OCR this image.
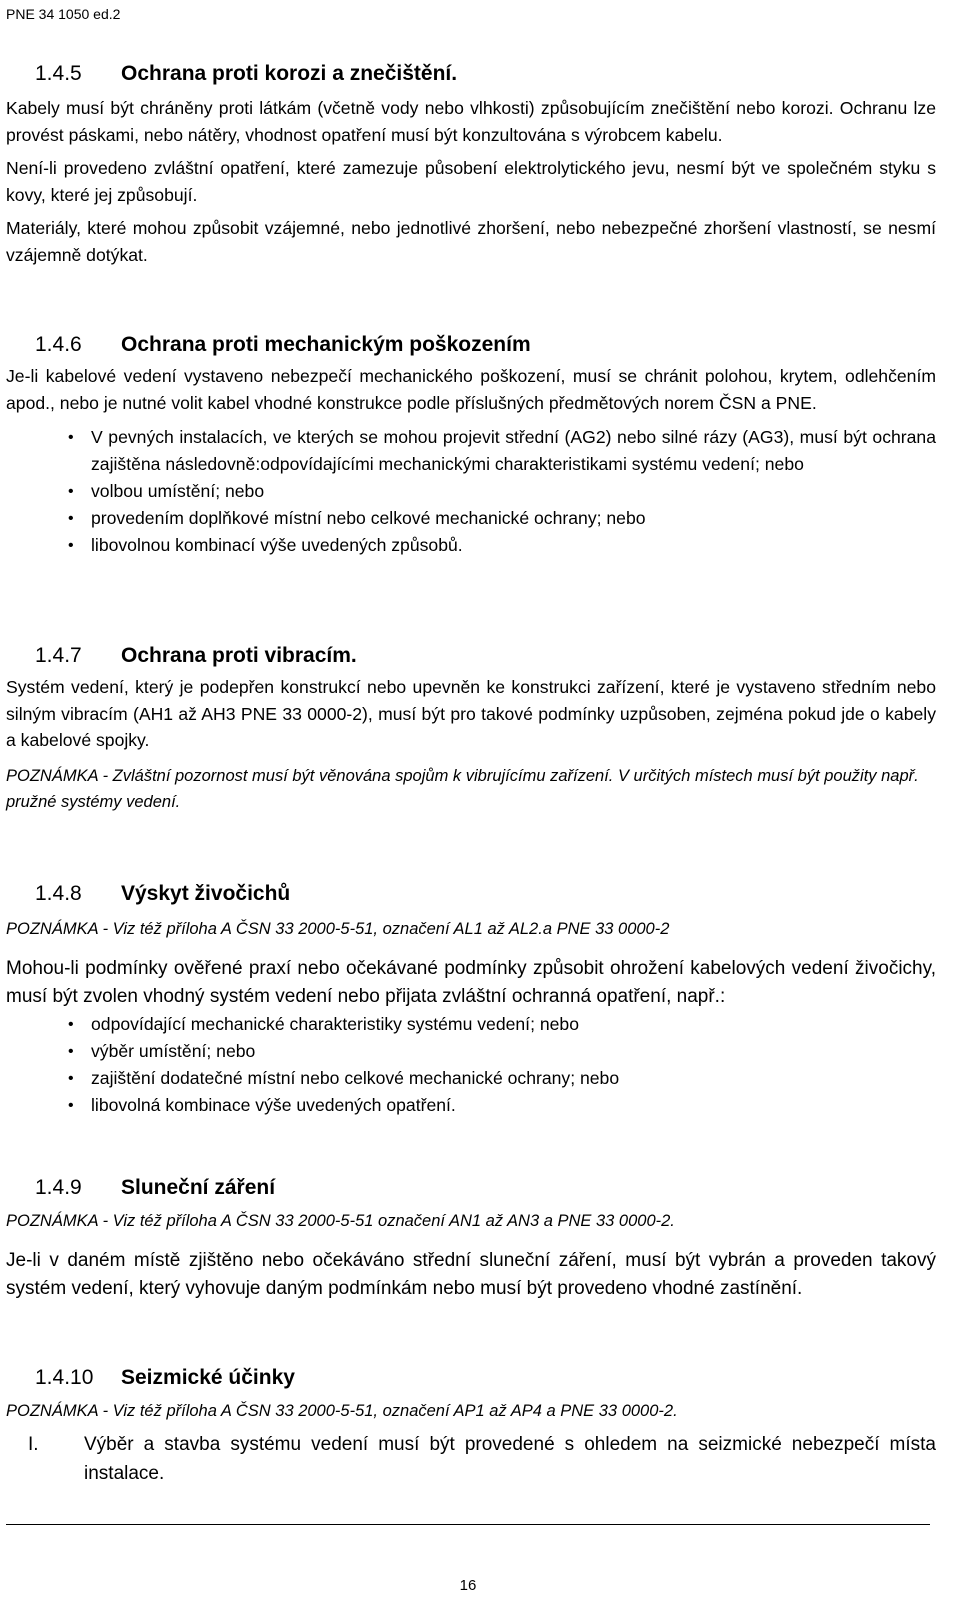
PNE 34 1050 ed.2
1.4.5 Ochrana proti korozi a znečištění.

Kabely musí být chráněny proti látkám (včetně vody nebo vlhkosti) způsobujícím znečištění nebo korozi. Ochranu lze provést páskami, nebo nátěry, vhodnost opatření musí být konzultována s výrobcem kabelu.

Není-li provedeno zvláštní opatření, které zamezuje působení elektrolytického jevu, nesmí být ve společném styku s kovy, které jej způsobují.

Materiály, které mohou způsobit vzájemné, nebo jednotlivé zhoršení, nebo nebezpečné zhoršení vlastností, se nesmí vzájemně dotýkat.

1.4.6 Ochrana proti mechanickým poškozením

Je-li kabelové vedení vystaveno nebezpečí mechanického poškození, musí se chránit polohou, krytem, odlehčením apod., nebo je nutné volit kabel vhodné konstrukce podle příslušných předmětových norem ČSN a PNE.

• V pevných instalacích, ve kterých se mohou projevit střední (AG2) nebo silné rázy (AG3), musí být ochrana zajištěna následovně:odpovídajícími mechanickými charakteristikami systému vedení; nebo
• volbou umístění; nebo
• provedením doplňkové místní nebo celkové mechanické ochrany; nebo
• libovolnou kombinací výše uvedených způsobů.
1.4.7 Ochrana proti vibracím.

Systém vedení, který je podepřen konstrukcí nebo upevněn ke konstrukci zařízení, které je vystaveno středním nebo silným vibracím (AH1 až AH3 PNE 33 0000-2), musí být pro takové podmínky uzpůsoben, zejména pokud jde o kabely a kabelové spojky.

POZNÁMKA - Zvláštní pozornost musí být věnována spojům k vibrujícímu zařízení. V určitých místech musí být použity např. pružné systémy vedení.

1.4.8 Výskyt živočichů

POZNÁMKA - Viz též příloha A ČSN 33 2000-5-51, označení AL1 až AL2.a PNE 33 0000-2

Mohou-li podmínky ověřené praxí nebo očekávané podmínky způsobit ohrožení kabelových vedení živočichy, musí být zvolen vhodný systém vedení nebo přijata zvláštní ochranná opatření, např.:

• odpovídající mechanické charakteristiky systému vedení; nebo
• výběr umístění; nebo
• zajištění dodatečné místní nebo celkové mechanické ochrany; nebo
• libovolná kombinace výše uvedených opatření.
1.4.9 Sluneční záření

POZNÁMKA - Viz též příloha A ČSN 33 2000-5-51 označení AN1 až AN3 a PNE 33 0000-2.

Je-li v daném místě zjištěno nebo očekáváno střední sluneční záření, musí být vybrán a proveden takový systém vedení, který vyhovuje daným podmínkám nebo musí být provedeno vhodné zastínění.

1.4.10 Seizmické účinky

POZNÁMKA - Viz též příloha A ČSN 33 2000-5-51, označení AP1 až AP4 a PNE 33 0000-2.

I. Výběr a stavba systému vedení musí být provedené s ohledem na seizmické nebezpečí místa instalace.
16
